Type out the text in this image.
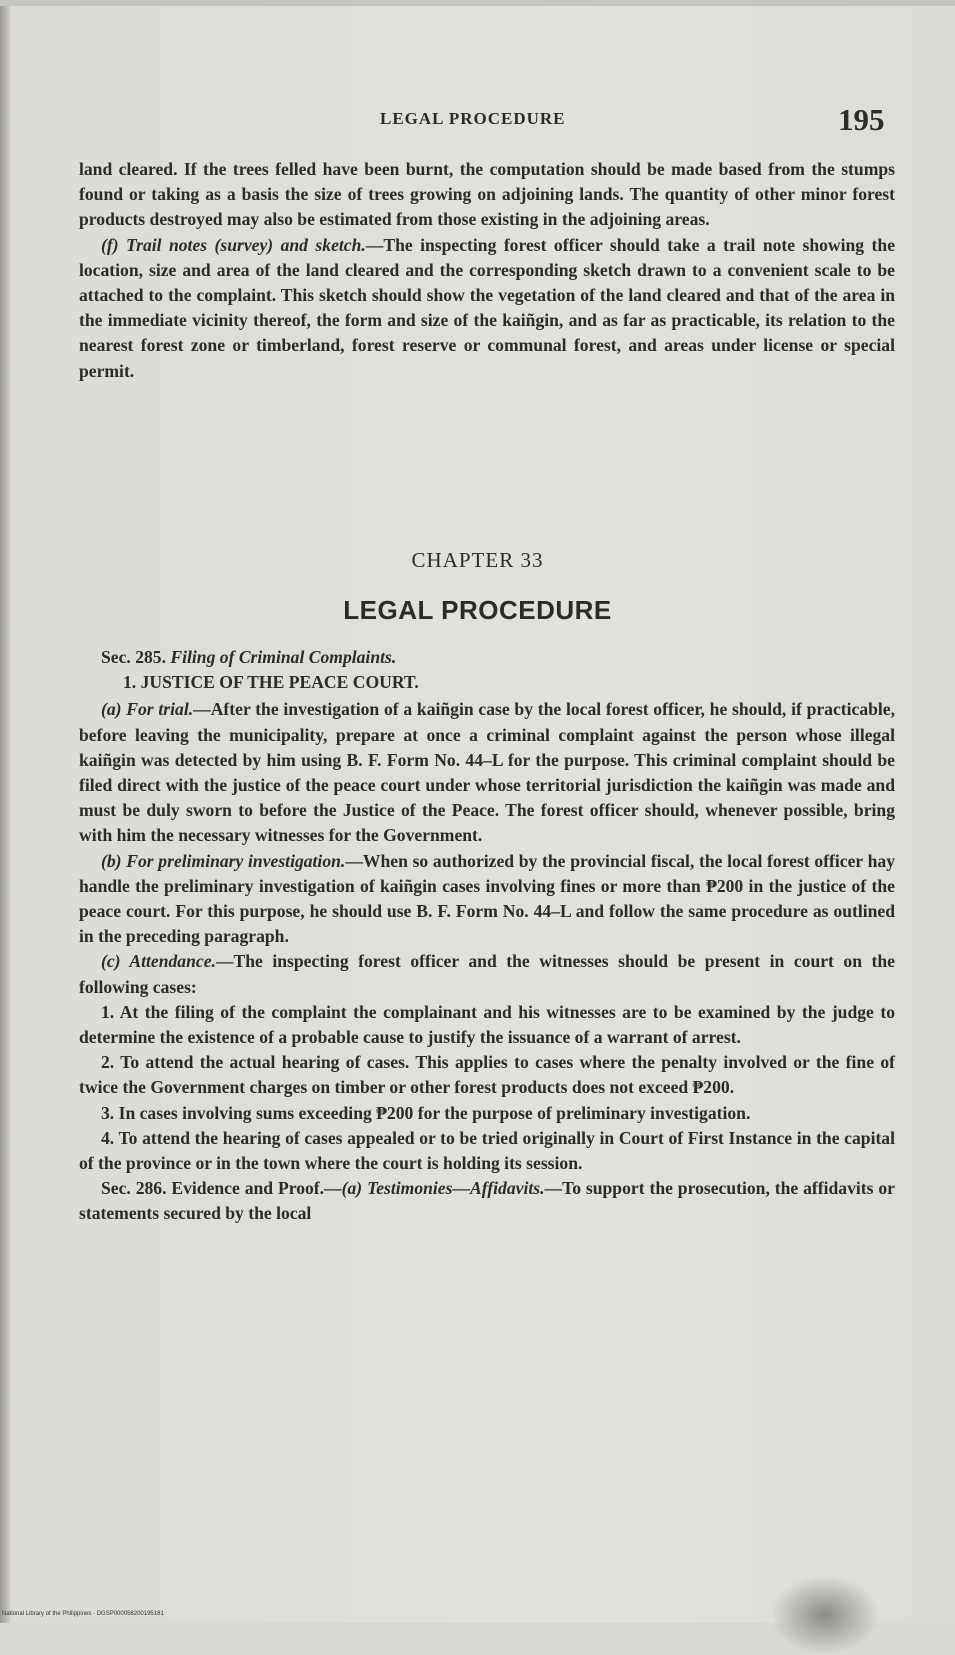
LEGAL PROCEDURE	195

land cleared. If the trees felled have been burnt, the computation should be made based from the stumps found or taking as a basis the size of trees growing on adjoining lands. The quantity of other minor forest products destroyed may also be estimated from those existing in the adjoining areas.

(f) Trail notes (survey) and sketch.—The inspecting forest officer should take a trail note showing the location, size and area of the land cleared and the corresponding sketch drawn to a convenient scale to be attached to the complaint. This sketch should show the vegetation of the land cleared and that of the area in the immediate vicinity thereof, the form and size of the kaiñgin, and as far as practicable, its relation to the nearest forest zone or timberland, forest reserve or communal forest, and areas under license or special permit.

CHAPTER 33
LEGAL PROCEDURE

Sec. 285. Filing of Criminal Complaints.

1. JUSTICE OF THE PEACE COURT.

(a) For trial.—After the investigation of a kaiñgin case by the local forest officer, he should, if practicable, before leaving the municipality, prepare at once a criminal complaint against the person whose illegal kaiñgin was detected by him using B. F. Form No. 44–L for the purpose. This criminal complaint should be filed direct with the justice of the peace court under whose territorial jurisdiction the kaiñgin was made and must be duly sworn to before the Justice of the Peace. The forest officer should, whenever possible, bring with him the necessary witnesses for the Government.

(b) For preliminary investigation.—When so authorized by the provincial fiscal, the local forest officer hay handle the preliminary investigation of kaiñgin cases involving fines or more than ₱200 in the justice of the peace court. For this purpose, he should use B. F. Form No. 44–L and follow the same procedure as outlined in the preceding paragraph.

(c) Attendance.—The inspecting forest officer and the witnesses should be present in court on the following cases:

1. At the filing of the complaint the complainant and his witnesses are to be examined by the judge to determine the existence of a probable cause to justify the issuance of a warrant of arrest.

2. To attend the actual hearing of cases. This applies to cases where the penalty involved or the fine of twice the Government charges on timber or other forest products does not exceed ₱200.

3. In cases involving sums exceeding ₱200 for the purpose of preliminary investigation.

4. To attend the hearing of cases appealed or to be tried originally in Court of First Instance in the capital of the province or in the town where the court is holding its session.

Sec. 286. Evidence and Proof.—(a) Testimonies—Affidavits.—To support the prosecution, the affidavits or statements secured by the local

National Library of the Philippines · DGSP000058200195181
